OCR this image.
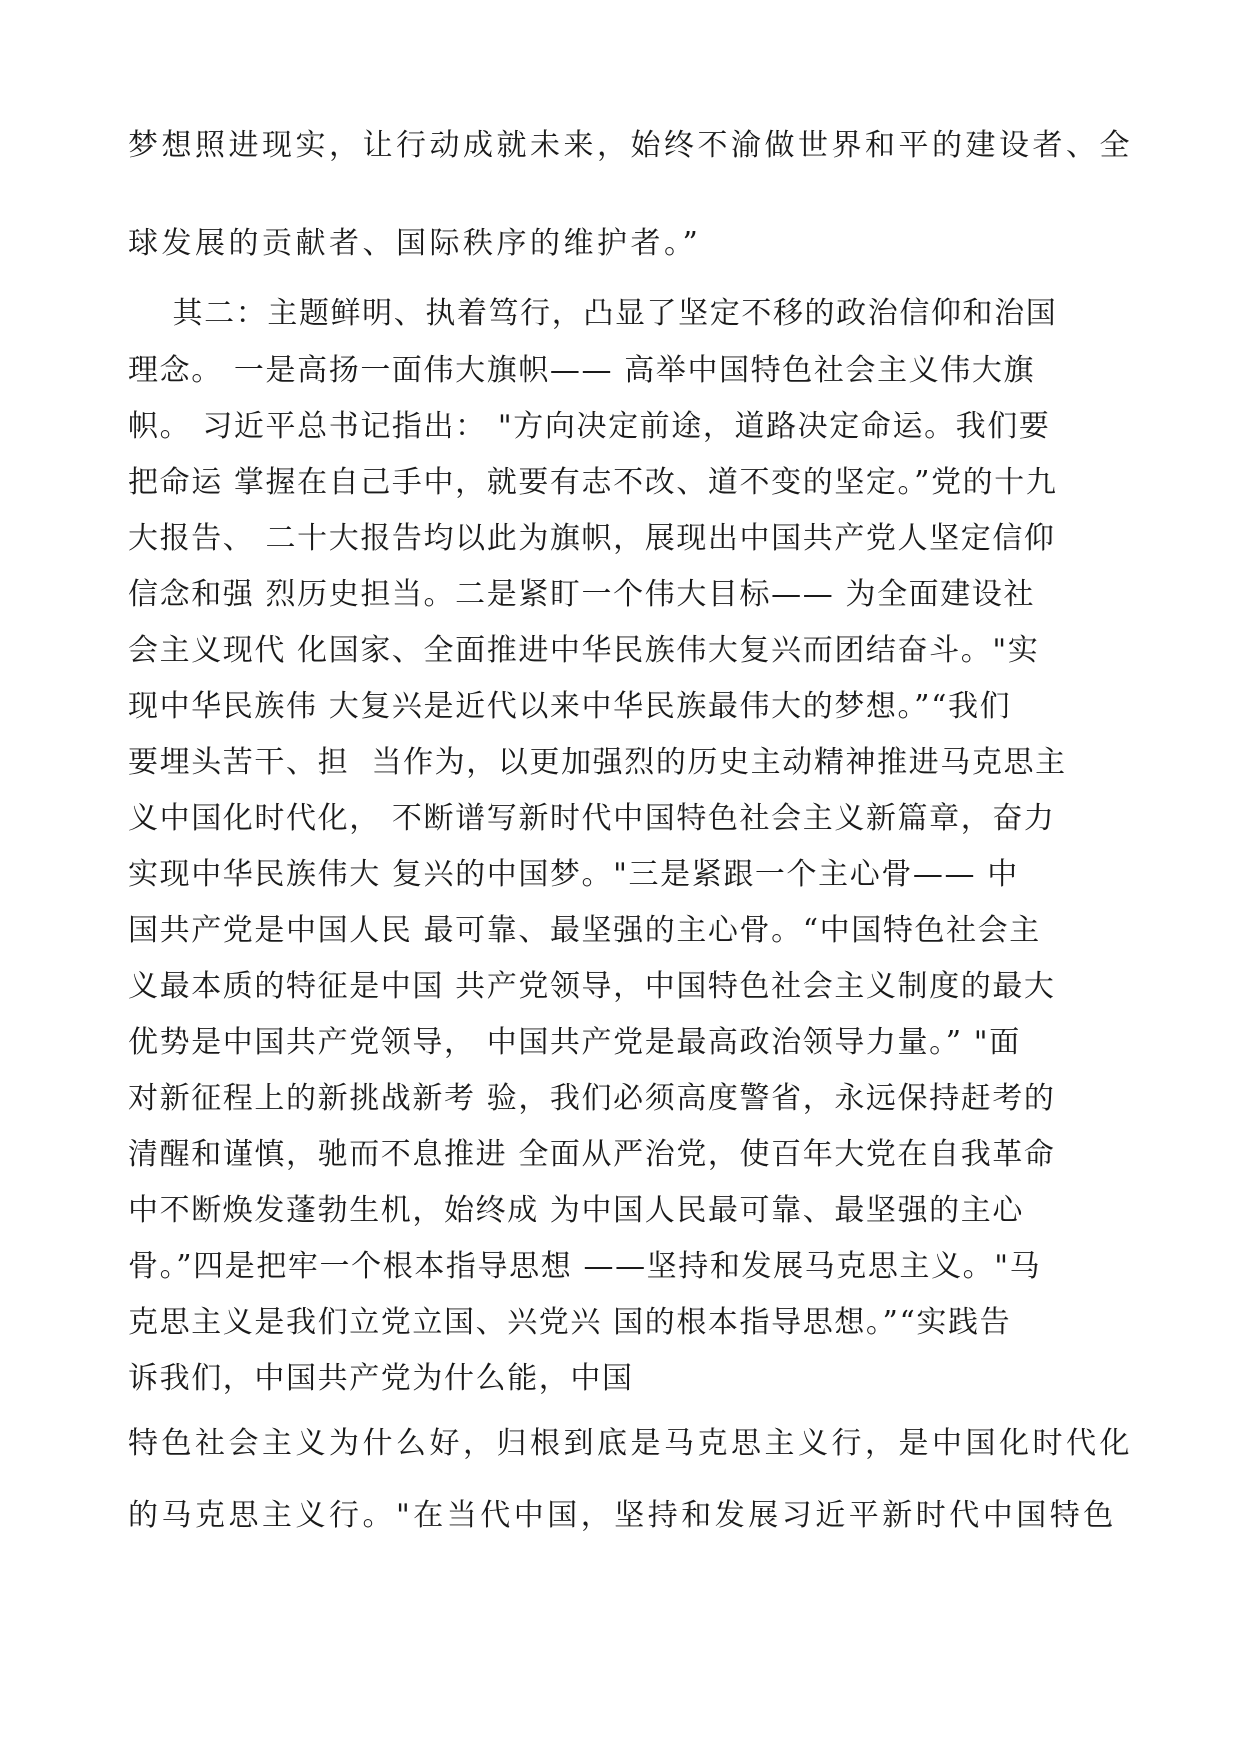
梦想照进现实，让行动成就未来，始终不渝做世界和平的建设者、全
球发展的贡献者、国际秩序的维护者。”
其二：主题鲜明、执着笃行，凸显了坚定不移的政治信仰和治国
理念。 一是高扬一面伟大旗帜—— 高举中国特色社会主义伟大旗
帜。 习近平总书记指出： "方向决定前途，道路决定命运。我们要
把命运 掌握在自己手中，就要有志不改、道不变的坚定。”党的十九
大报告、 二十大报告均以此为旗帜，展现出中国共产党人坚定信仰
信念和强 烈历史担当。二是紧盯一个伟大目标—— 为全面建设社
会主义现代 化国家、全面推进中华民族伟大复兴而团结奋斗。"实
现中华民族伟 大复兴是近代以来中华民族最伟大的梦想。”“我们
要埋头苦干、担  当作为，以更加强烈的历史主动精神推进马克思主
义中国化时代化， 不断谱写新时代中国特色社会主义新篇章，奋力
实现中华民族伟大 复兴的中国梦。"三是紧跟一个主心骨—— 中
国共产党是中国人民 最可靠、最坚强的主心骨。“中国特色社会主
义最本质的特征是中国 共产党领导，中国特色社会主义制度的最大
优势是中国共产党领导， 中国共产党是最高政治领导力量。” "面
对新征程上的新挑战新考 验，我们必须高度警省，永远保持赶考的
清醒和谨慎，驰而不息推进 全面从严治党，使百年大党在自我革命
中不断焕发蓬勃生机，始终成 为中国人民最可靠、最坚强的主心
骨。”四是把牢一个根本指导思想 ——坚持和发展马克思主义。"马
克思主义是我们立党立国、兴党兴 国的根本指导思想。”“实践告
诉我们，中国共产党为什么能，中国
特色社会主义为什么好，归根到底是马克思主义行，是中国化时代化
的马克思主义行。"在当代中国，坚持和发展习近平新时代中国特色
